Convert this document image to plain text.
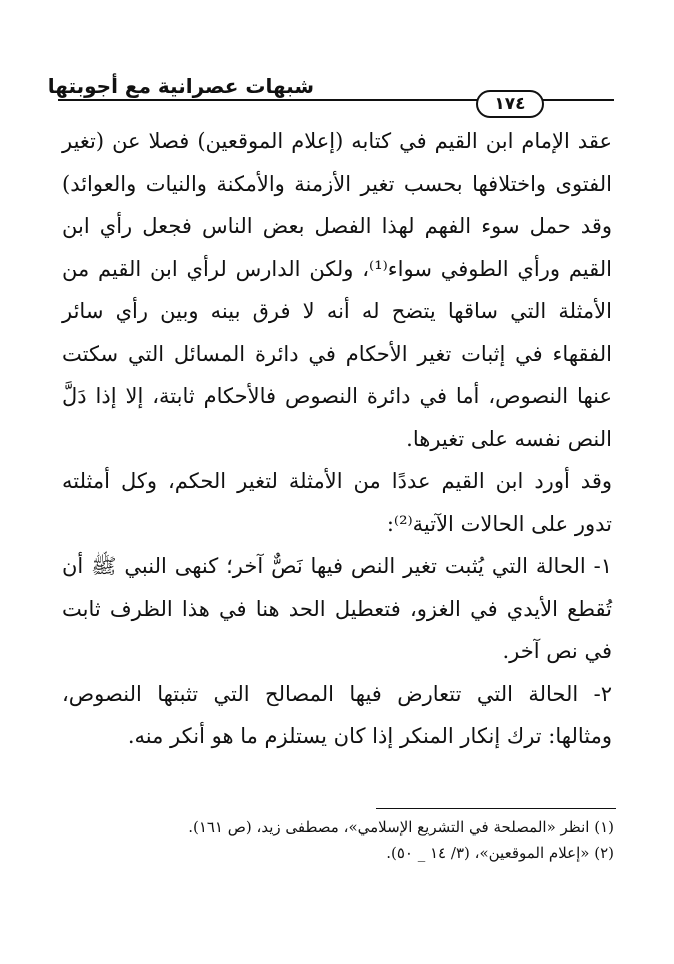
شبهات عصرانية مع أجوبتها
١٧٤

عقد الإمام ابن القيم في كتابه (إعلام الموقعين) فصلا عن (تغير الفتوى واختلافها بحسب تغير الأزمنة والأمكنة والنيات والعوائد) وقد حمل سوء الفهم لهذا الفصل بعض الناس فجعل رأي ابن القيم ورأي الطوفي سواء⁽¹⁾، ولكن الدارس لرأي ابن القيم من الأمثلة التي ساقها يتضح له أنه لا فرق بينه وبين رأي سائر الفقهاء في إثبات تغير الأحكام في دائرة المسائل التي سكتت عنها النصوص، أما في دائرة النصوص فالأحكام ثابتة، إلا إذا دَلَّ النص نفسه على تغيرها.

وقد أورد ابن القيم عددًا من الأمثلة لتغير الحكم، وكل أمثلته تدور على الحالات الآتية⁽²⁾:

١- الحالة التي يُثبت تغير النص فيها نَصٌّ آخر؛ كنهى النبي ﷺ أن تُقطع الأيدي في الغزو، فتعطيل الحد هنا في هذا الظرف ثابت في نص آخر.

٢- الحالة التي تتعارض فيها المصالح التي تثبتها النصوص، ومثالها: ترك إنكار المنكر إذا كان يستلزم ما هو أنكر منه.

(١) انظر «المصلحة في التشريع الإسلامي»، مصطفى زيد، (ص ١٦١).

(٢) «إعلام الموقعين»، (٣/ ١٤ _ ٥٠).
